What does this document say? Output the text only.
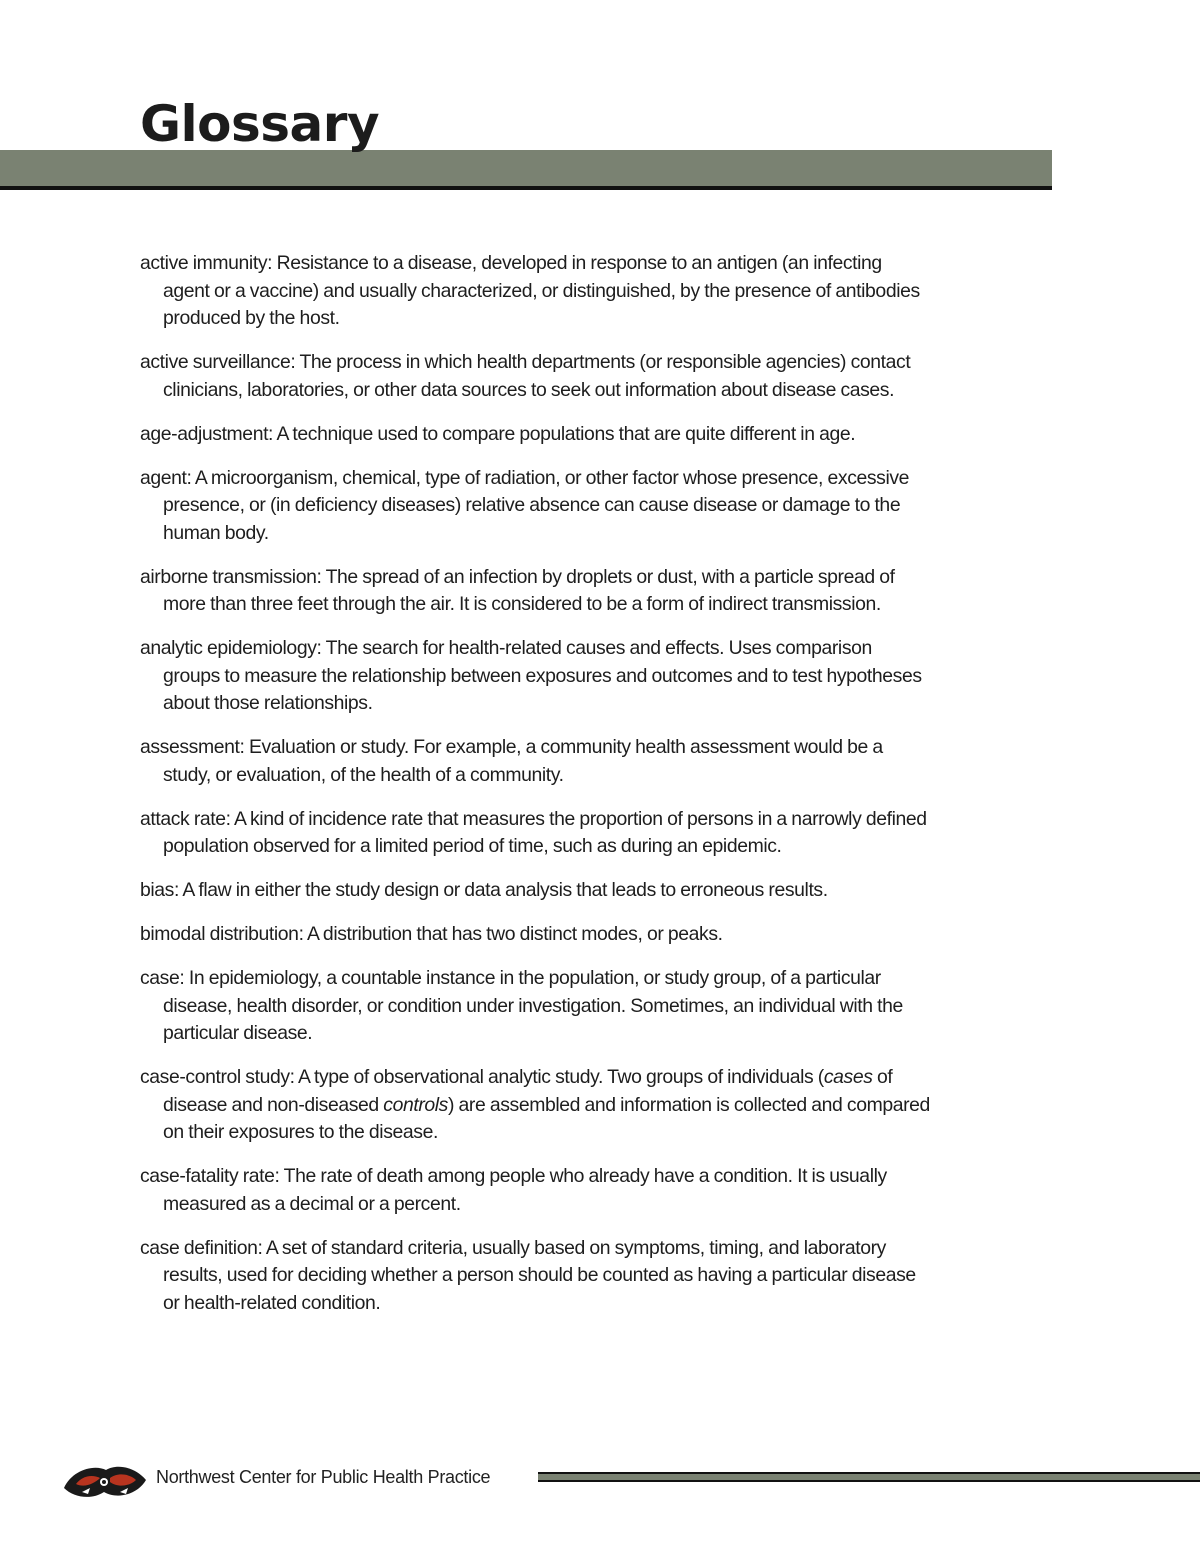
Glossary

active immunity: Resistance to a disease, developed in response to an antigen (an infecting agent or a vaccine) and usually characterized, or distinguished, by the presence of antibodies produced by the host.

active surveillance: The process in which health departments (or responsible agencies) contact clinicians, laboratories, or other data sources to seek out information about disease cases.

age-adjustment: A technique used to compare populations that are quite different in age.

agent: A microorganism, chemical, type of radiation, or other factor whose presence, excessive presence, or (in deficiency diseases) relative absence can cause disease or damage to the human body.

airborne transmission: The spread of an infection by droplets or dust, with a particle spread of more than three feet through the air. It is considered to be a form of indirect transmission.

analytic epidemiology: The search for health-related causes and effects. Uses comparison groups to measure the relationship between exposures and outcomes and to test hypotheses about those relationships.

assessment: Evaluation or study. For example, a community health assessment would be a study, or evaluation, of the health of a community.

attack rate: A kind of incidence rate that measures the proportion of persons in a narrowly defined population observed for a limited period of time, such as during an epidemic.

bias: A flaw in either the study design or data analysis that leads to erroneous results.

bimodal distribution: A distribution that has two distinct modes, or peaks.

case: In epidemiology, a countable instance in the population, or study group, of a particular disease, health disorder, or condition under investigation. Sometimes, an individual with the particular disease.

case-control study: A type of observational analytic study. Two groups of individuals (cases of disease and non-diseased controls) are assembled and information is collected and compared on their exposures to the disease.

case-fatality rate: The rate of death among people who already have a condition. It is usually measured as a decimal or a percent.

case definition: A set of standard criteria, usually based on symptoms, timing, and laboratory results, used for deciding whether a person should be counted as having a particular disease or health-related condition.

Northwest Center for Public Health Practice
